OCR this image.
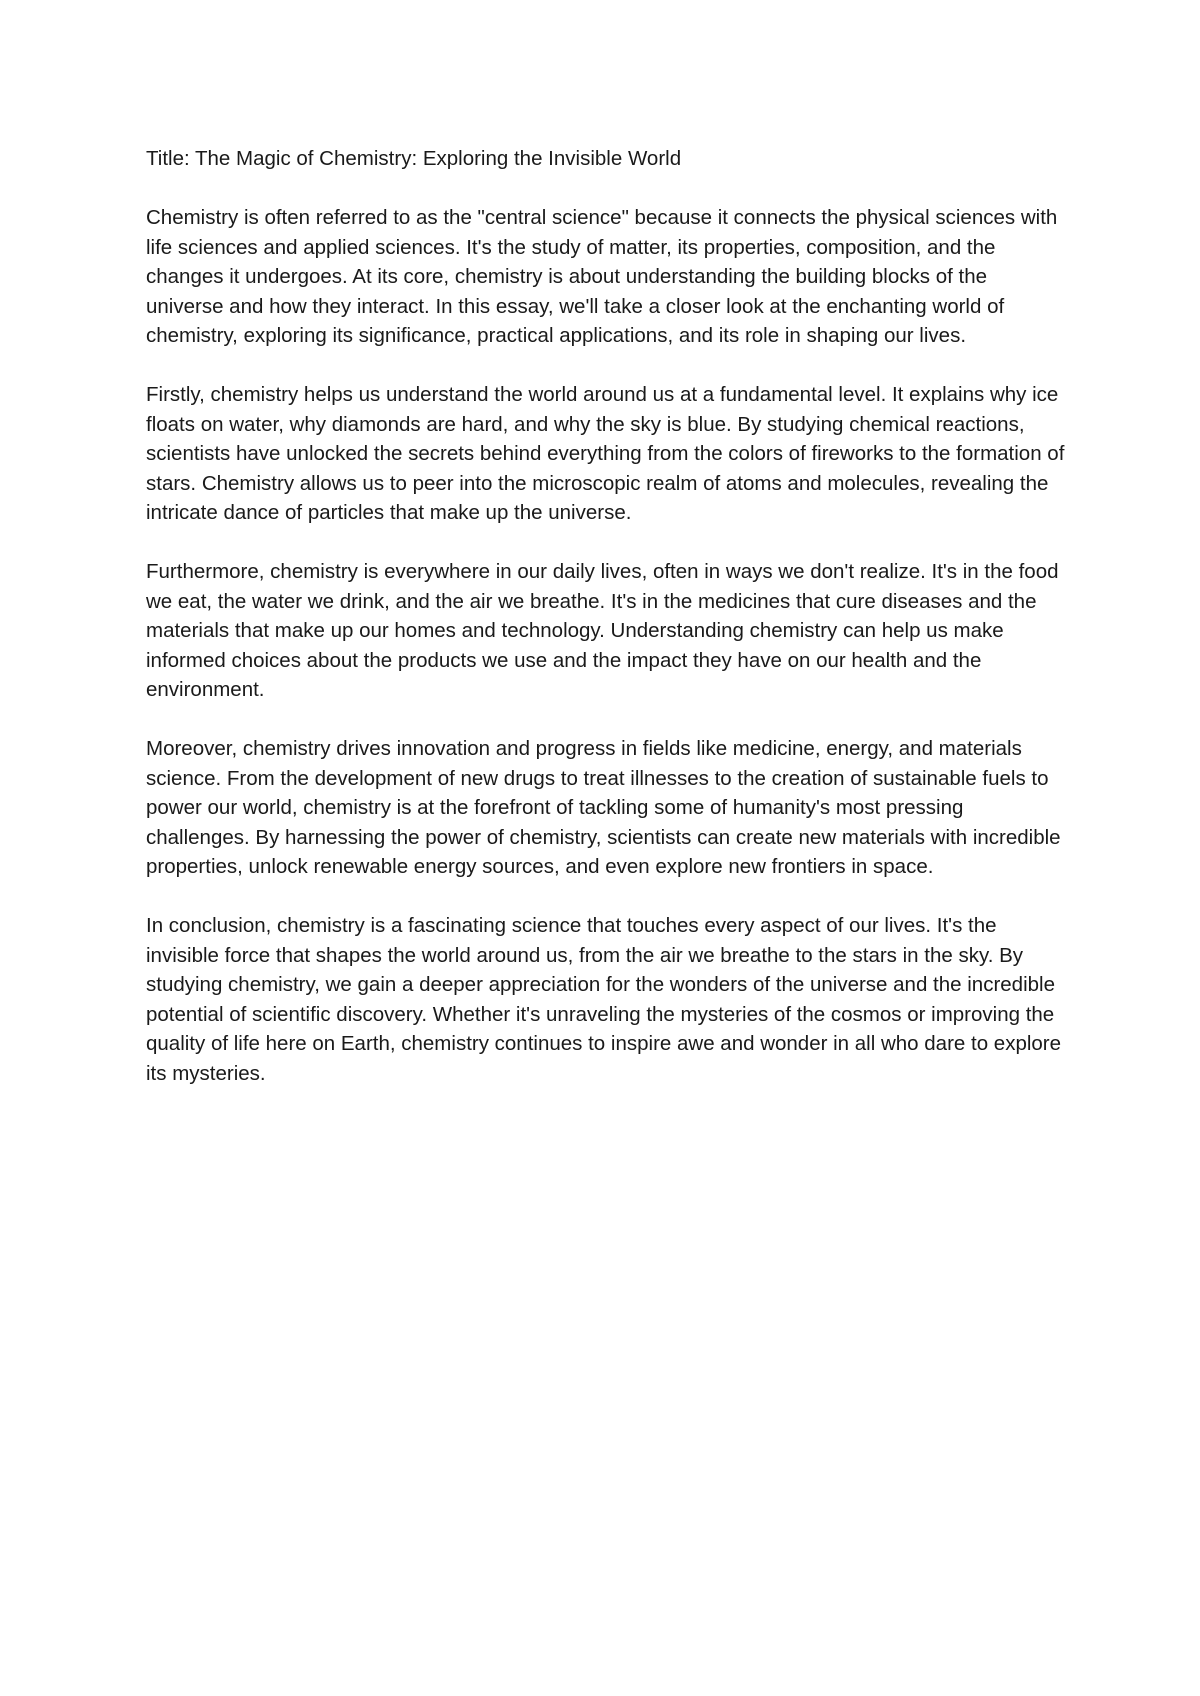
Title: The Magic of Chemistry: Exploring the Invisible World

Chemistry is often referred to as the "central science" because it connects the physical sciences with life sciences and applied sciences. It's the study of matter, its properties, composition, and the changes it undergoes. At its core, chemistry is about understanding the building blocks of the universe and how they interact. In this essay, we'll take a closer look at the enchanting world of chemistry, exploring its significance, practical applications, and its role in shaping our lives.

Firstly, chemistry helps us understand the world around us at a fundamental level. It explains why ice floats on water, why diamonds are hard, and why the sky is blue. By studying chemical reactions, scientists have unlocked the secrets behind everything from the colors of fireworks to the formation of stars. Chemistry allows us to peer into the microscopic realm of atoms and molecules, revealing the intricate dance of particles that make up the universe.

Furthermore, chemistry is everywhere in our daily lives, often in ways we don't realize. It's in the food we eat, the water we drink, and the air we breathe. It's in the medicines that cure diseases and the materials that make up our homes and technology. Understanding chemistry can help us make informed choices about the products we use and the impact they have on our health and the environment.

Moreover, chemistry drives innovation and progress in fields like medicine, energy, and materials science. From the development of new drugs to treat illnesses to the creation of sustainable fuels to power our world, chemistry is at the forefront of tackling some of humanity's most pressing challenges. By harnessing the power of chemistry, scientists can create new materials with incredible properties, unlock renewable energy sources, and even explore new frontiers in space.

In conclusion, chemistry is a fascinating science that touches every aspect of our lives. It's the invisible force that shapes the world around us, from the air we breathe to the stars in the sky. By studying chemistry, we gain a deeper appreciation for the wonders of the universe and the incredible potential of scientific discovery. Whether it's unraveling the mysteries of the cosmos or improving the quality of life here on Earth, chemistry continues to inspire awe and wonder in all who dare to explore its mysteries.
